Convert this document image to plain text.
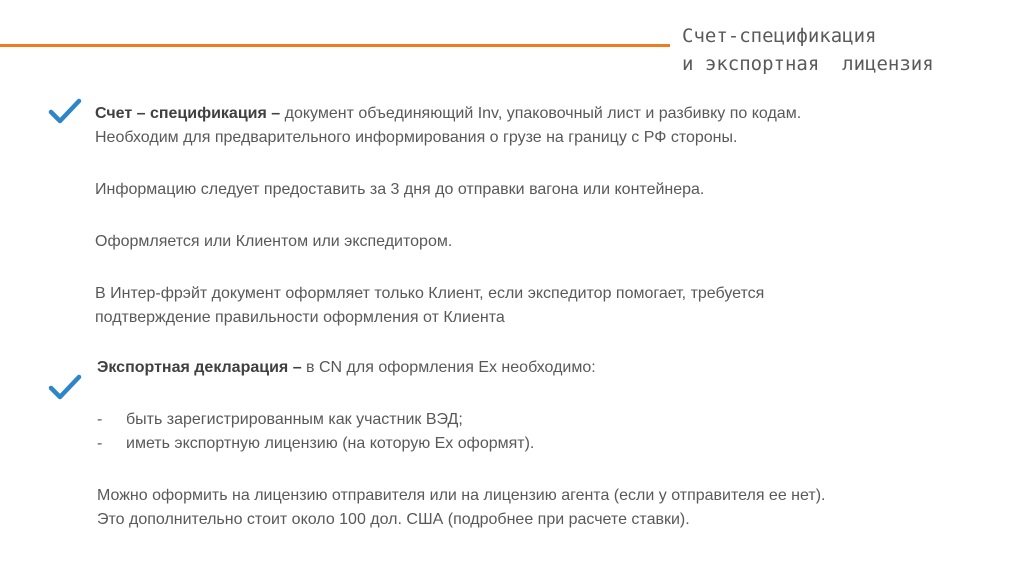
Счет-спецификация
и экспортная  лицензия

Счет – спецификация – документ объединяющий Inv, упаковочный лист и разбивку по кодам.

Необходим для предварительного информирования о грузе на границу с РФ стороны.

Информацию следует предоставить за 3 дня до отправки вагона или контейнера.

Оформляется или Клиентом или экспедитором.

В Интер-фрэйт документ оформляет только Клиент, если экспедитор помогает, требуется

подтверждение правильности оформления от Клиента

Экспортная декларация – в CN для оформления Ex необходимо:

-	быть зарегистрированным как участник ВЭД;
-	иметь экспортную лицензию (на которую Ex оформят).

Можно оформить на лицензию отправителя или на лицензию агента (если у отправителя ее нет).

Это дополнительно стоит около 100 дол. США (подробнее при расчете ставки).
